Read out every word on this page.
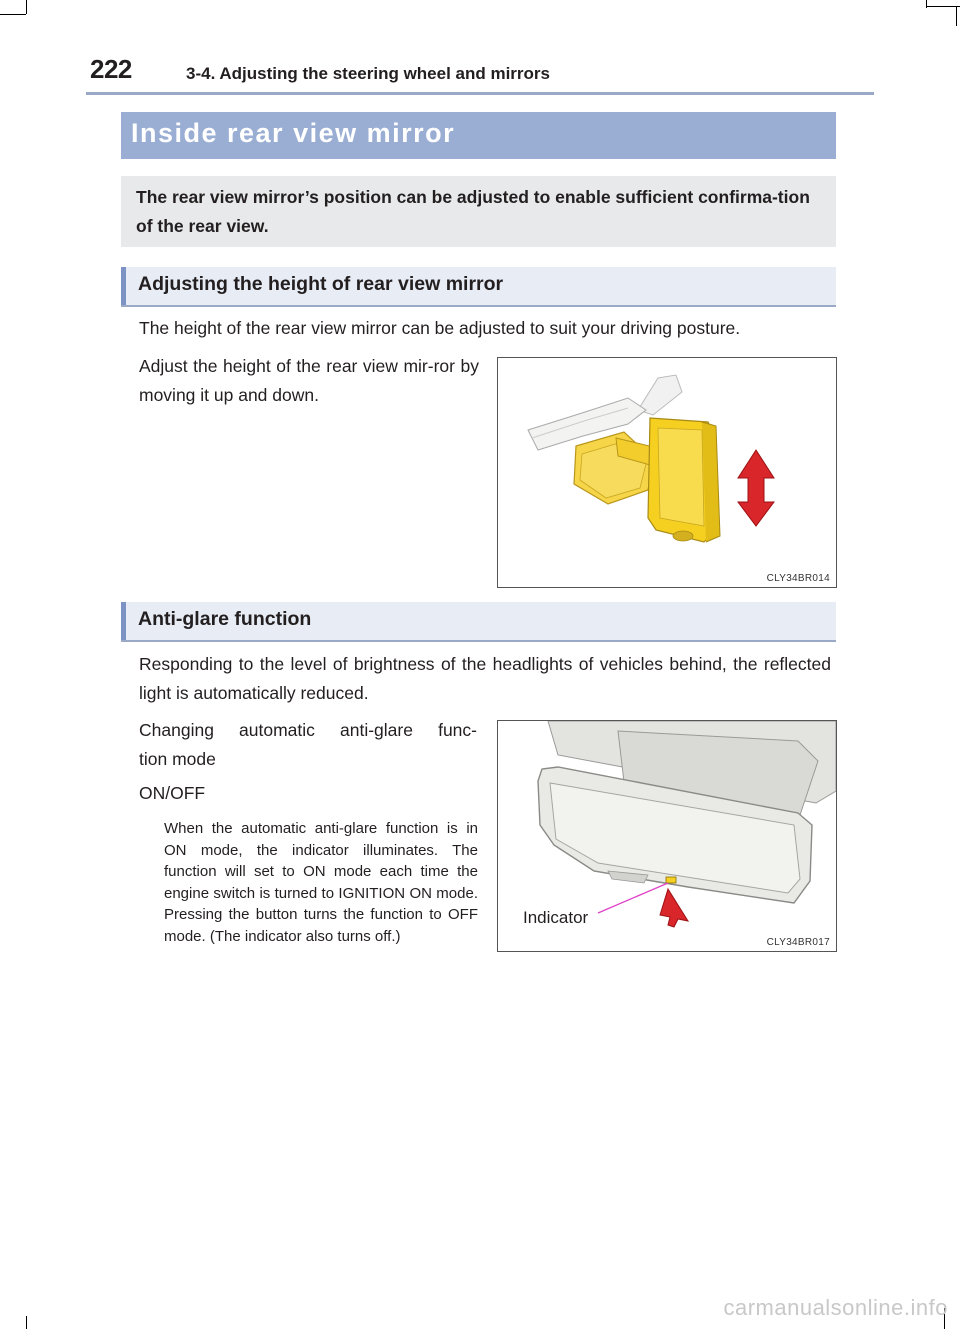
222	3-4. Adjusting the steering wheel and mirrors
Inside rear view mirror

The rear view mirror’s position can be adjusted to enable sufficient confirma-tion of the rear view.

Adjusting the height of rear view mirror

The height of the rear view mirror can be adjusted to suit your driving posture.

Adjust the height of the rear view mir-ror by moving it up and down.

CLY34BR014
Anti-glare function

Responding to the level of brightness of the headlights of vehicles behind, the reflected light is automatically reduced.

Changing automatic anti-glare func-

tion mode

ON/OFF

When the automatic anti-glare function is in ON mode, the indicator illuminates. The function will set to ON mode each time the engine switch is turned to IGNITION ON mode. Pressing the button turns the function to OFF mode. (The indicator also turns off.)

Indicator
CLY34BR017
carmanualsonline.info
